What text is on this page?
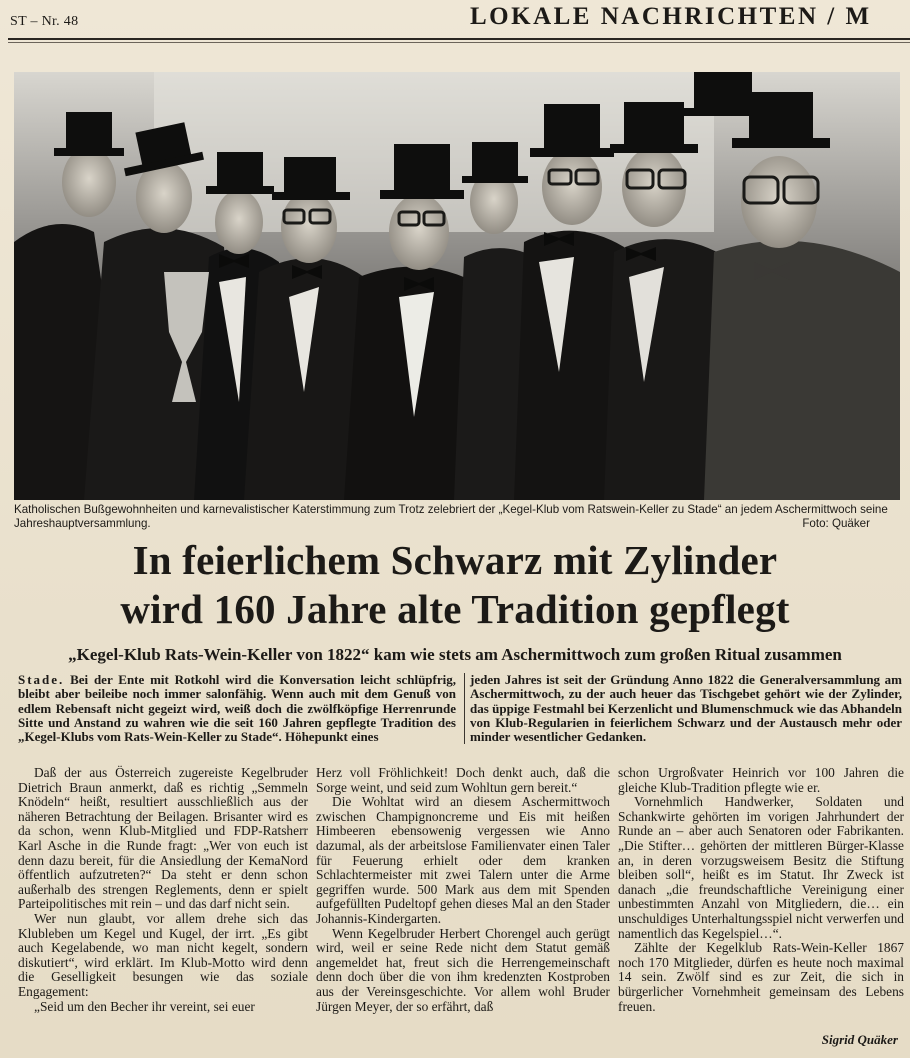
ST – Nr. 48	LOKALE NACHRICHTEN / M
Katholischen Bußgewohnheiten und karnevalistischer Katerstimmung zum Trotz zelebriert der „Kegel-Klub vom Ratswein-Keller zu Stade“ an jedem Aschermittwoch seine Jahreshauptversammlung.	Foto: Quäker
In feierlichem Schwarz mit Zylinder
wird 160 Jahre alte Tradition gepflegt
„Kegel-Klub Rats-Wein-Keller von 1822“ kam wie stets am Aschermittwoch zum großen Ritual zusammen
Stade. Bei der Ente mit Rotkohl wird die Konversation leicht schlüpfrig, bleibt aber beileibe noch immer salonfähig. Wenn auch mit dem Genuß von edlem Rebensaft nicht gegeizt wird, weiß doch die zwölfköpfige Herrenrunde Sitte und Anstand zu wahren wie die seit 160 Jahren gepflegte Tradition des „Kegel-Klubs vom Rats-Wein-Keller zu Stade“. Höhepunkt eines
jeden Jahres ist seit der Gründung Anno 1822 die Generalversammlung am Aschermittwoch, zu der auch heuer das Tischgebet gehört wie der Zylinder, das üppige Festmahl bei Kerzenlicht und Blumenschmuck wie das Abhandeln von Klub-Regularien in feierlichem Schwarz und der Austausch mehr oder minder wesentlicher Gedanken.

Daß der aus Österreich zugereiste Kegelbruder Dietrich Braun anmerkt, daß es richtig „Semmeln Knödeln“ heißt, resultiert ausschließlich aus der näheren Betrachtung der Beilagen. Brisanter wird es da schon, wenn Klub-Mitglied und FDP-Ratsherr Karl Asche in die Runde fragt: „Wer von euch ist denn dazu bereit, für die Ansiedlung der KemaNord öffentlich aufzutreten?“ Da steht er denn schon außerhalb des strengen Reglements, denn er spielt Parteipolitisches mit rein – und das darf nicht sein.

Wer nun glaubt, vor allem drehe sich das Klubleben um Kegel und Kugel, der irrt. „Es gibt auch Kegelabende, wo man nicht kegelt, sondern diskutiert“, wird erklärt. Im Klub-Motto wird denn die Geselligkeit besungen wie das soziale Engagement:

„Seid um den Becher ihr vereint, sei euer

Herz voll Fröhlichkeit! Doch denkt auch, daß die Sorge weint, und seid zum Wohltun gern bereit.“

Die Wohltat wird an diesem Aschermittwoch zwischen Champignoncreme und Eis mit heißen Himbeeren ebensowenig vergessen wie Anno dazumal, als der arbeitslose Familienvater einen Taler für Feuerung erhielt oder dem kranken Schlachtermeister mit zwei Talern unter die Arme gegriffen wurde. 500 Mark aus dem mit Spenden aufgefüllten Pudeltopf gehen dieses Mal an den Stader Johannis-Kindergarten.

Wenn Kegelbruder Herbert Chorengel auch gerügt wird, weil er seine Rede nicht dem Statut gemäß angemeldet hat, freut sich die Herrengemeinschaft denn doch über die von ihm kredenzten Kostproben aus der Vereinsgeschichte. Vor allem wohl Bruder Jürgen Meyer, der so erfährt, daß

schon Urgroßvater Heinrich vor 100 Jahren die gleiche Klub-Tradition pflegte wie er.

Vornehmlich Handwerker, Soldaten und Schankwirte gehörten im vorigen Jahrhundert der Runde an – aber auch Senatoren oder Fabrikanten. „Die Stifter… gehörten der mittleren Bürger-Klasse an, in deren vorzugsweisem Besitz die Stiftung bleiben soll“, heißt es im Statut. Ihr Zweck ist danach „die freundschaftliche Vereinigung einer unbestimmten Anzahl von Mitgliedern, die… ein unschuldiges Unterhaltungsspiel nicht verwerfen und namentlich das Kegelspiel…“.

Zählte der Kegelklub Rats-Wein-Keller 1867 noch 170 Mitglieder, dürfen es heute noch maximal 14 sein. Zwölf sind es zur Zeit, die sich in bürgerlicher Vornehmheit gemeinsam des Lebens freuen.

Sigrid Quäker
